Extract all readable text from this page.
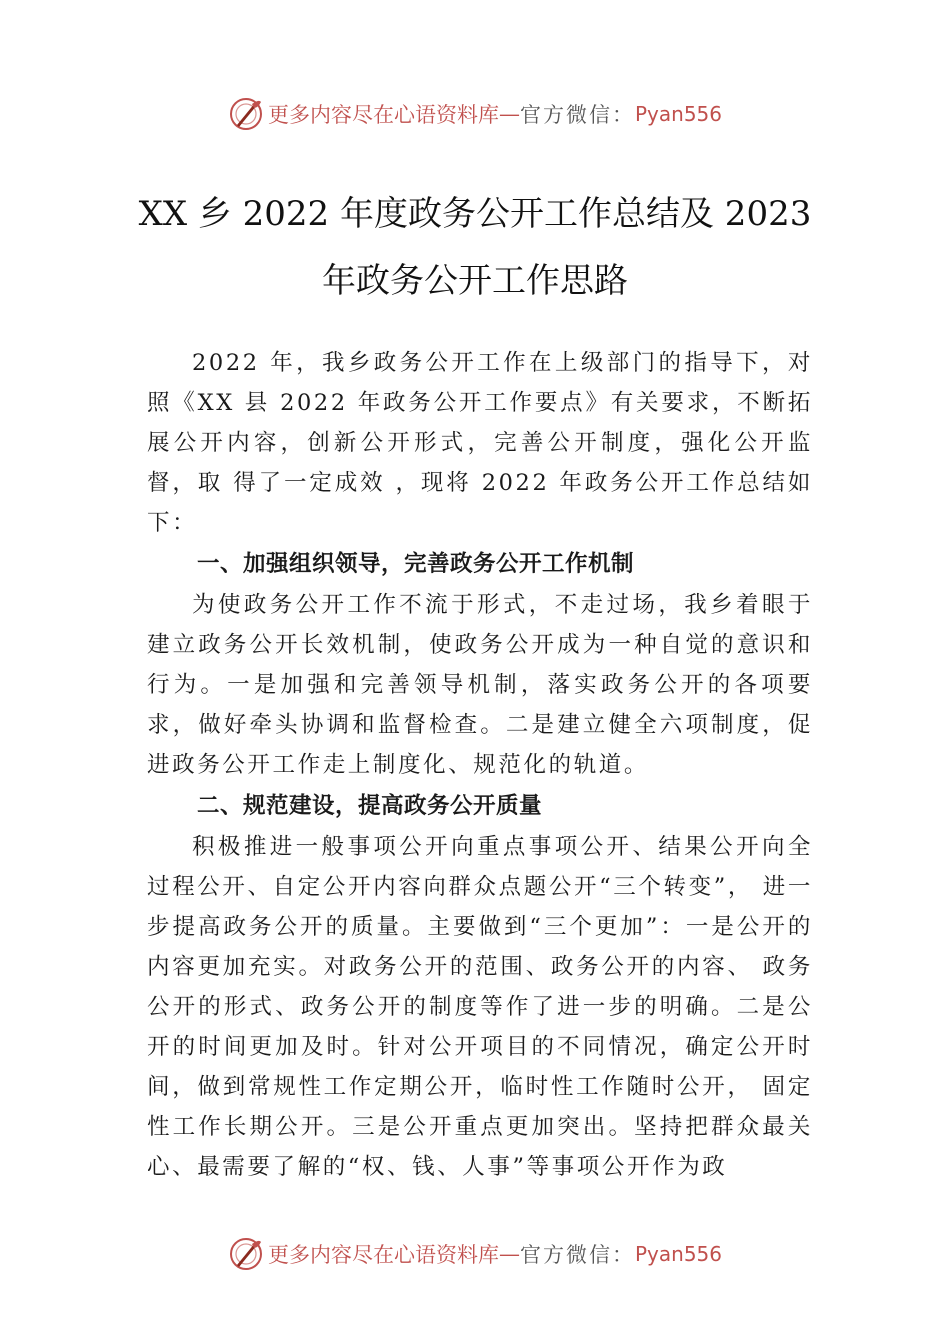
更多内容尽在心语资料库 — 官方微信： Pyan556
XX 乡 2022 年度政务公开工作总结及 2023
年政务公开工作思路

2022 年，我乡政务公开工作在上级部门的指导下，对照《XX 县 2022 年政务公开工作要点》有关要求，不断拓展公开内容，创新公开形式，完善公开制度，强化公开监督，取 得了一定成效 ，现将 2022 年政务公开工作总结如下：

一、加强组织领导，完善政务公开工作机制

为使政务公开工作不流于形式，不走过场，我乡着眼于建立政务公开长效机制，使政务公开成为一种自觉的意识和行为。一是加强和完善领导机制，落实政务公开的各项要求，做好牵头协调和监督检查。二是建立健全六项制度，促进政务公开工作走上制度化、规范化的轨道。

二、规范建设，提高政务公开质量

积极推进一般事项公开向重点事项公开、结果公开向全过程公开、自定公开内容向群众点题公开“三个转变”， 进一步提高政务公开的质量。主要做到“三个更加”：一是公开的内容更加充实。对政务公开的范围、政务公开的内容、 政务公开的形式、政务公开的制度等作了进一步的明确。二是公开的时间更加及时。针对公开项目的不同情况，确定公开时间，做到常规性工作定期公开，临时性工作随时公开， 固定性工作长期公开。三是公开重点更加突出。坚持把群众最关心、最需要了解的“权、钱、人事”等事项公开作为政

更多内容尽在心语资料库 — 官方微信： Pyan556
